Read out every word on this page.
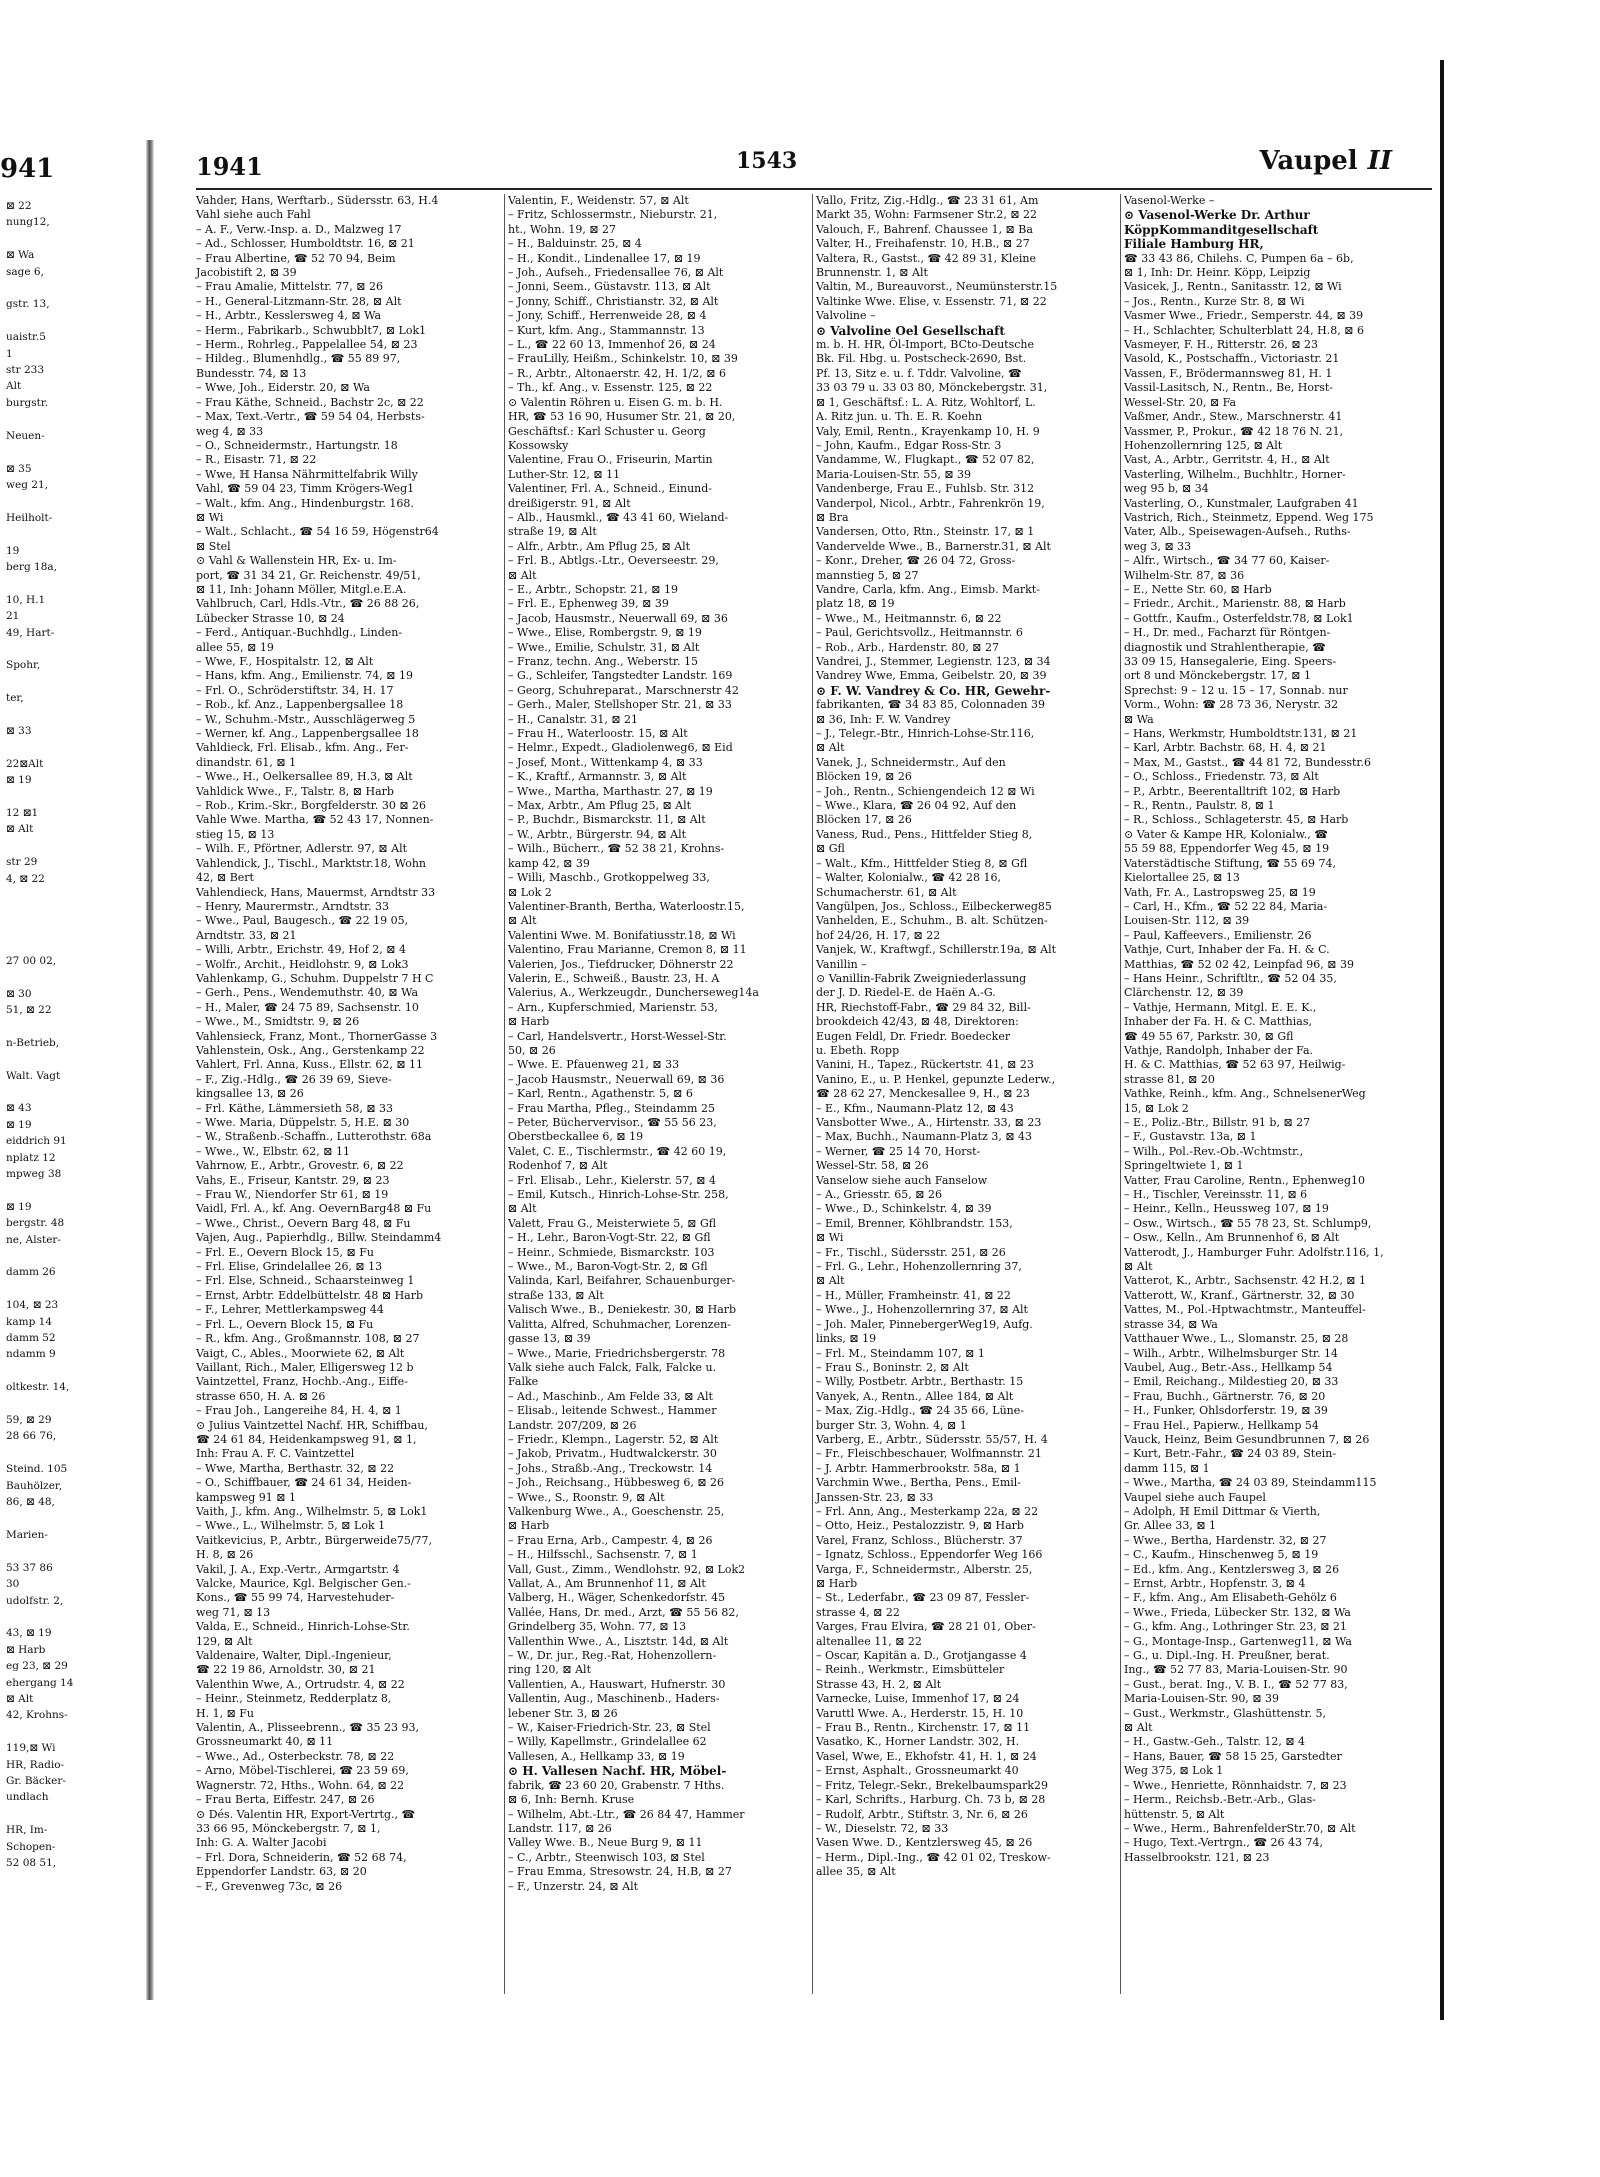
941
⊠ 22
nung12,

⊠ Wa
sage 6,

gstr. 13,

uaistr.5
1
str 233
Alt
burgstr.

Neuen-

⊠ 35
weg 21,

Heilholt-

19
berg 18a,

10, H.1
21
49, Hart-

Spohr,

ter,

⊠ 33

22⊠Alt
⊠ 19

12 ⊠1
⊠ Alt

str 29
4, ⊠ 22

27 00 02,

⊠ 30
51, ⊠ 22

n-Betrieb,

Walt. Vagt

⊠ 43
⊠ 19
eiddrich 91
nplatz 12
mpweg 38

⊠ 19
bergstr. 48
ne, Alster-

damm 26

104, ⊠ 23
kamp 14
damm 52
ndamm 9

oltkestr. 14,

59, ⊠ 29
28 66 76,

Steind. 105
Bauhölzer,
86, ⊠ 48,

Marien-

53 37 86
30
udolfstr. 2,

43, ⊠ 19
⊠ Harb
eg 23, ⊠ 29
ehergang 14
⊠ Alt
42, Krohns-

119,⊠ Wi
HR, Radio-
Gr. Bäcker-
undlach

HR, Im-
Schopen-
52 08 51,
1941	1543	Vaupel II
Vahder, Hans, Werftarb., Südersstr. 63, H.4
Vahl siehe auch Fahl
– A. F., Verw.-Insp. a. D., Malzweg 17
– Ad., Schlosser, Humboldtstr. 16, ⊠ 21
– Frau Albertine, ☎ 52 70 94, Beim
Jacobistift 2, ⊠ 39
– Frau Amalie, Mittelstr. 77, ⊠ 26
– H., General-Litzmann-Str. 28, ⊠ Alt
– H., Arbtr., Kesslersweg 4, ⊠ Wa
– Herm., Fabrikarb., Schwubblt7, ⊠ Lok1
– Herm., Rohrleg., Pappelallee 54, ⊠ 23
– Hildeg., Blumenhdlg., ☎ 55 89 97,
Bundesstr. 74, ⊠ 13
– Wwe, Joh., Eiderstr. 20, ⊠ Wa
– Frau Käthe, Schneid., Bachstr 2c, ⊠ 22
– Max, Text.-Vertr., ☎ 59 54 04, Herbsts-
weg 4, ⊠ 33
– O., Schneidermstr., Hartungstr. 18
– R., Eisastr. 71, ⊠ 22
– Wwe, ℍ Hansa Nährmittelfabrik Willy
Vahl, ☎ 59 04 23, Timm Krögers-Weg1
– Walt., kfm. Ang., Hindenburgstr. 168.
⊠ Wi
– Walt., Schlacht., ☎ 54 16 59, Högenstr64
⊠ Stel
⊙ Vahl & Wallenstein HR, Ex- u. Im-
port, ☎ 31 34 21, Gr. Reichenstr. 49/51,
⊠ 11, Inh: Johann Möller, Mitgl.e.E.A.
Vahlbruch, Carl, Hdls.-Vtr., ☎ 26 88 26,
Lübecker Strasse 10, ⊠ 24
– Ferd., Antiquar.-Buchhdlg., Linden-
allee 55, ⊠ 19
– Wwe, F., Hospitalstr. 12, ⊠ Alt
– Hans, kfm. Ang., Emilienstr. 74, ⊠ 19
– Frl. O., Schröderstiftstr. 34, H. 17
– Rob., kf. Anz., Lappenbergsallee 18
– W., Schuhm.-Mstr., Ausschlägerweg 5
– Werner, kf. Ang., Lappenbergsallee 18
Vahldieck, Frl. Elisab., kfm. Ang., Fer-
dinandstr. 61, ⊠ 1
– Wwe., H., Oelkersallee 89, H.3, ⊠ Alt
Vahldick Wwe., F., Talstr. 8, ⊠ Harb
– Rob., Krim.-Skr., Borgfelderstr. 30 ⊠ 26
Vahle Wwe. Martha, ☎ 52 43 17, Nonnen-
stieg 15, ⊠ 13
– Wilh. F., Pförtner, Adlerstr. 97, ⊠ Alt
Vahlendick, J., Tischl., Marktstr.18, Wohn
42, ⊠ Bert
Vahlendieck, Hans, Mauermst, Arndtstr 33
– Henry, Maurermstr., Arndtstr. 33
– Wwe., Paul, Baugesch., ☎ 22 19 05,
Arndtstr. 33, ⊠ 21
– Willi, Arbtr., Erichstr. 49, Hof 2, ⊠ 4
– Wolfr., Archit., Heidlohstr. 9, ⊠ Lok3
Vahlenkamp, G., Schuhm. Duppelstr 7 H C
– Gerh., Pens., Wendemuthstr. 40, ⊠ Wa
– H., Maler, ☎ 24 75 89, Sachsenstr. 10
– Wwe., M., Smidtstr. 9, ⊠ 26
Vahlensieck, Franz, Mont., ThornerGasse 3
Vahlenstein, Osk., Ang., Gerstenkamp 22
Vahlert, Frl. Anna, Kuss., Ellstr. 62, ⊠ 11
– F., Zig.-Hdlg., ☎ 26 39 69, Sieve-
kingsallee 13, ⊠ 26
– Frl. Käthe, Lämmersieth 58, ⊠ 33
– Wwe. Maria, Düppelstr. 5, H.E. ⊠ 30
– W., Straßenb.-Schaffn., Lutterothstr. 68a
– Wwe., W., Elbstr. 62, ⊠ 11
Vahrnow, E., Arbtr., Grovestr. 6, ⊠ 22
Vahs, E., Friseur, Kantstr. 29, ⊠ 23
– Frau W., Niendorfer Str 61, ⊠ 19
Vaidl, Frl. A., kf. Ang. OevernBarg48 ⊠ Fu
– Wwe., Christ., Oevern Barg 48, ⊠ Fu
Vajen, Aug., Papierhdlg., Billw. Steindamm4
– Frl. E., Oevern Block 15, ⊠ Fu
– Frl. Elise, Grindelallee 26, ⊠ 13
– Frl. Else, Schneid., Schaarsteinweg 1
– Ernst, Arbtr. Eddelbüttelstr. 48 ⊠ Harb
– F., Lehrer, Mettlerkampsweg 44
– Frl. L., Oevern Block 15, ⊠ Fu
– R., kfm. Ang., Großmannstr. 108, ⊠ 27
Vaigt, C., Ables., Moorwiete 62, ⊠ Alt
Vaillant, Rich., Maler, Elligersweg 12 b
Vaintzettel, Franz, Hochb.-Ang., Eiffe-
strasse 650, H. A. ⊠ 26
– Frau Joh., Langereihe 84, H. 4, ⊠ 1
⊙ Julius Vaintzettel Nachf. HR, Schiffbau,
☎ 24 61 84, Heidenkampsweg 91, ⊠ 1,
Inh: Frau A. F. C. Vaintzettel
– Wwe, Martha, Berthastr. 32, ⊠ 22
– O., Schiffbauer, ☎ 24 61 34, Heiden-
kampsweg 91 ⊠ 1
Vaith, J., kfm. Ang., Wilhelmstr. 5, ⊠ Lok1
– Wwe., L., Wilhelmstr. 5, ⊠ Lok 1
Vaitkevicius, P., Arbtr., Bürgerweide75/77,
H. 8, ⊠ 26
Vakil, J. A., Exp.-Vertr., Armgartstr. 4
Valcke, Maurice, Kgl. Belgischer Gen.-
Kons., ☎ 55 99 74, Harvestehuder-
weg 71, ⊠ 13
Valda, E., Schneid., Hinrich-Lohse-Str.
129, ⊠ Alt
Valdenaire, Walter, Dipl.-Ingenieur,
☎ 22 19 86, Arnoldstr. 30, ⊠ 21
Valenthin Wwe, A., Ortrudstr. 4, ⊠ 22
– Heinr., Steinmetz, Redderplatz 8,
H. 1, ⊠ Fu
Valentin, A., Plisseebrenn., ☎ 35 23 93,
Grossneumarkt 40, ⊠ 11
– Wwe., Ad., Osterbeckstr. 78, ⊠ 22
– Arno, Möbel-Tischlerei, ☎ 23 59 69,
Wagnerstr. 72, Hths., Wohn. 64, ⊠ 22
– Frau Berta, Eiffestr. 247, ⊠ 26
⊙ Dés. Valentin HR, Export-Vertrtg., ☎
33 66 95, Mönckebergstr. 7, ⊠ 1,
Inh: G. A. Walter Jacobi
– Frl. Dora, Schneiderin, ☎ 52 68 74,
Eppendorfer Landstr. 63, ⊠ 20
– F., Grevenweg 73c, ⊠ 26
Valentin, F., Weidenstr. 57, ⊠ Alt
– Fritz, Schlossermstr., Nieburstr. 21,
ht., Wohn. 19, ⊠ 27
– H., Balduinstr. 25, ⊠ 4
– H., Kondit., Lindenallee 17, ⊠ 19
– Joh., Aufseh., Friedensallee 76, ⊠ Alt
– Jonni, Seem., Güstavstr. 113, ⊠ Alt
– Jonny, Schiff., Christianstr. 32, ⊠ Alt
– Jony, Schiff., Herrenweide 28, ⊠ 4
– Kurt, kfm. Ang., Stammannstr. 13
– L., ☎ 22 60 13, Immenhof 26, ⊠ 24
– FrauLilly, Heißm., Schinkelstr. 10, ⊠ 39
– R., Arbtr., Altonaerstr. 42, H. 1/2, ⊠ 6
– Th., kf. Ang., v. Essenstr. 125, ⊠ 22
⊙ Valentin Röhren u. Eisen G. m. b. H.
HR, ☎ 53 16 90, Husumer Str. 21, ⊠ 20,
Geschäftsf.: Karl Schuster u. Georg
Kossowsky
Valentine, Frau O., Friseurin, Martin
Luther-Str. 12, ⊠ 11
Valentiner, Frl. A., Schneid., Einund-
dreißigerstr. 91, ⊠ Alt
– Alb., Hausmkl., ☎ 43 41 60, Wieland-
straße 19, ⊠ Alt
– Alfr., Arbtr., Am Pflug 25, ⊠ Alt
– Frl. B., Abtlgs.-Ltr., Oeverseestr. 29,
⊠ Alt
– E., Arbtr., Schopstr. 21, ⊠ 19
– Frl. E., Ephenweg 39, ⊠ 39
– Jacob, Hausmstr., Neuerwall 69, ⊠ 36
– Wwe., Elise, Rombergstr. 9, ⊠ 19
– Wwe., Emilie, Schulstr. 31, ⊠ Alt
– Franz, techn. Ang., Weberstr. 15
– G., Schleifer, Tangstedter Landstr. 169
– Georg, Schuhreparat., Marschnerstr 42
– Gerh., Maler, Stellshoper Str. 21, ⊠ 33
– H., Canalstr. 31, ⊠ 21
– Frau H., Waterloostr. 15, ⊠ Alt
– Helmr., Expedt., Gladiolenweg6, ⊠ Eid
– Josef, Mont., Wittenkamp 4, ⊠ 33
– K., Kraftf., Armannstr. 3, ⊠ Alt
– Wwe., Martha, Marthastr. 27, ⊠ 19
– Max, Arbtr., Am Pflug 25, ⊠ Alt
– P., Buchdr., Bismarckstr. 11, ⊠ Alt
– W., Arbtr., Bürgerstr. 94, ⊠ Alt
– Wilh., Bücherr., ☎ 52 38 21, Krohns-
kamp 42, ⊠ 39
– Willi, Maschb., Grotkoppelweg 33,
⊠ Lok 2
Valentiner-Branth, Bertha, Waterloostr.15,
⊠ Alt
Valentini Wwe. M. Bonifatiusstr.18, ⊠ Wi
Valentino, Frau Marianne, Cremon 8, ⊠ 11
Valerien, Jos., Tiefdrucker, Döhnerstr 22
Valerin, E., Schweiß., Baustr. 23, H. A
Valerius, A., Werkzeugdr., Duncherseweg14a
– Arn., Kupferschmied, Marienstr. 53,
⊠ Harb
– Carl, Handelsvertr., Horst-Wessel-Str.
50, ⊠ 26
– Wwe. E. Pfauenweg 21, ⊠ 33
– Jacob Hausmstr., Neuerwall 69, ⊠ 36
– Karl, Rentn., Agathenstr. 5, ⊠ 6
– Frau Martha, Pfleg., Steindamm 25
– Peter, Büchervervisor., ☎ 55 56 23,
Oberstbeckallee 6, ⊠ 19
Valet, C. E., Tischlermstr., ☎ 42 60 19,
Rodenhof 7, ⊠ Alt
– Frl. Elisab., Lehr., Kielerstr. 57, ⊠ 4
– Emil, Kutsch., Hinrich-Lohse-Str. 258,
⊠ Alt
Valett, Frau G., Meisterwiete 5, ⊠ Gfl
– H., Lehr., Baron-Vogt-Str. 22, ⊠ Gfl
– Heinr., Schmiede, Bismarckstr. 103
– Wwe., M., Baron-Vogt-Str. 2, ⊠ Gfl
Valinda, Karl, Beifahrer, Schauenburger-
straße 133, ⊠ Alt
Valisch Wwe., B., Deniekestr. 30, ⊠ Harb
Valitta, Alfred, Schuhmacher, Lorenzen-
gasse 13, ⊠ 39
– Wwe., Marie, Friedrichsbergerstr. 78
Valk siehe auch Falck, Falk, Falcke u.
Falke
– Ad., Maschinb., Am Felde 33, ⊠ Alt
– Elisab., leitende Schwest., Hammer
Landstr. 207/209, ⊠ 26
– Friedr., Klempn., Lagerstr. 52, ⊠ Alt
– Jakob, Privatm., Hudtwalckerstr. 30
– Johs., Straßb.-Ang., Treckowstr. 14
– Joh., Reichsang., Hübbesweg 6, ⊠ 26
– Wwe., S., Roonstr. 9, ⊠ Alt
Valkenburg Wwe., A., Goeschenstr. 25,
⊠ Harb
– Frau Erna, Arb., Campestr. 4, ⊠ 26
– H., Hilfsschl., Sachsenstr. 7, ⊠ 1
Vall, Gust., Zimm., Wendlohstr. 92, ⊠ Lok2
Vallat, A., Am Brunnenhof 11, ⊠ Alt
Valberg, H., Wäger, Schenkedorfstr. 45
Vallée, Hans, Dr. med., Arzt, ☎ 55 56 82,
Grindelberg 35, Wohn. 77, ⊠ 13
Vallenthin Wwe., A., Lisztstr. 14d, ⊠ Alt
– W., Dr. jur., Reg.-Rat, Hohenzollern-
ring 120, ⊠ Alt
Vallentien, A., Hauswart, Hufnerstr. 30
Vallentin, Aug., Maschinenb., Haders-
lebener Str. 3, ⊠ 26
– W., Kaiser-Friedrich-Str. 23, ⊠ Stel
– Willy, Kapellmstr., Grindelallee 62
Vallesen, A., Hellkamp 33, ⊠ 19
⊙ H. Vallesen Nachf. HR, Möbel-
fabrik, ☎ 23 60 20, Grabenstr. 7 Hths.
⊠ 6, Inh: Bernh. Kruse
– Wilhelm, Abt.-Ltr., ☎ 26 84 47, Hammer
Landstr. 117, ⊠ 26
Valley Wwe. B., Neue Burg 9, ⊠ 11
– C., Arbtr., Steenwisch 103, ⊠ Stel
– Frau Emma, Stresowstr. 24, H.B, ⊠ 27
– F., Unzerstr. 24, ⊠ Alt
Vallo, Fritz, Zig.-Hdlg., ☎ 23 31 61, Am
Markt 35, Wohn: Farmsener Str.2, ⊠ 22
Valouch, F., Bahrenf. Chaussee 1, ⊠ Ba
Valter, H., Freihafenstr. 10, H.B., ⊠ 27
Valtera, R., Gastst., ☎ 42 89 31, Kleine
Brunnenstr. 1, ⊠ Alt
Valtin, M., Bureauvorst., Neumünsterstr.15
Valtinke Wwe. Elise, v. Essenstr. 71, ⊠ 22
Valvoline –
⊙ Valvoline Oel Gesellschaft
m. b. H. HR, Öl-Import, BCto-Deutsche
Bk. Fil. Hbg. u. Postscheck-2690, Bst.
Pf. 13, Sitz e. u. f. Tddr. Valvoline, ☎
33 03 79 u. 33 03 80, Mönckebergstr. 31,
⊠ 1, Geschäftsf.: L. A. Ritz, Wohltorf, L.
A. Ritz jun. u. Th. E. R. Koehn
Valy, Emil, Rentn., Krayenkamp 10, H. 9
– John, Kaufm., Edgar Ross-Str. 3
Vandamme, W., Flugkapt., ☎ 52 07 82,
Maria-Louisen-Str. 55, ⊠ 39
Vandenberge, Frau E., Fuhlsb. Str. 312
Vanderpol, Nicol., Arbtr., Fahrenkrön 19,
⊠ Bra
Vandersen, Otto, Rtn., Steinstr. 17, ⊠ 1
Vandervelde Wwe., B., Barnerstr.31, ⊠ Alt
– Konr., Dreher, ☎ 26 04 72, Gross-
mannstieg 5, ⊠ 27
Vandre, Carla, kfm. Ang., Eimsb. Markt-
platz 18, ⊠ 19
– Wwe., M., Heitmannstr. 6, ⊠ 22
– Paul, Gerichtsvollz., Heitmannstr. 6
– Rob., Arb., Hardenstr. 80, ⊠ 27
Vandrei, J., Stemmer, Legienstr. 123, ⊠ 34
Vandrey Wwe, Emma, Geibelstr. 20, ⊠ 39
⊙ F. W. Vandrey & Co. HR, Gewehr-
fabrikanten, ☎ 34 83 85, Colonnaden 39
⊠ 36, Inh: F. W. Vandrey
– J., Telegr.-Btr., Hinrich-Lohse-Str.116,
⊠ Alt
Vanek, J., Schneidermstr., Auf den
Blöcken 19, ⊠ 26
– Joh., Rentn., Schiengendeich 12 ⊠ Wi
– Wwe., Klara, ☎ 26 04 92, Auf den
Blöcken 17, ⊠ 26
Vaness, Rud., Pens., Hittfelder Stieg 8,
⊠ Gfl
– Walt., Kfm., Hittfelder Stieg 8, ⊠ Gfl
– Walter, Kolonialw., ☎ 42 28 16,
Schumacherstr. 61, ⊠ Alt
Vangülpen, Jos., Schloss., Eilbeckerweg85
Vanhelden, E., Schuhm., B. alt. Schützen-
hof 24/26, H. 17, ⊠ 22
Vanjek, W., Kraftwgf., Schillerstr.19a, ⊠ Alt
Vanillin –
⊙ Vanillin-Fabrik Zweigniederlassung
der J. D. Riedel-E. de Haën A.-G.
HR, Riechstoff-Fabr., ☎ 29 84 32, Bill-
brookdeich 42/43, ⊠ 48, Direktoren:
Eugen Feldl, Dr. Friedr. Boedecker
u. Ebeth. Ropp
Vanini, H., Tapez., Rückertstr. 41, ⊠ 23
Vanino, E., u. P. Henkel, gepunzte Lederw.,
☎ 28 62 27, Menckesallee 9, H., ⊠ 23
– E., Kfm., Naumann-Platz 12, ⊠ 43
Vansbotter Wwe., A., Hirtenstr. 33, ⊠ 23
– Max, Buchh., Naumann-Platz 3, ⊠ 43
– Werner, ☎ 25 14 70, Horst-
Wessel-Str. 58, ⊠ 26
Vanselow siehe auch Fanselow
– A., Griesstr. 65, ⊠ 26
– Wwe., D., Schinkelstr. 4, ⊠ 39
– Emil, Brenner, Köhlbrandstr. 153,
⊠ Wi
– Fr., Tischl., Südersstr. 251, ⊠ 26
– Frl. G., Lehr., Hohenzollernring 37,
⊠ Alt
– H., Müller, Framheinstr. 41, ⊠ 22
– Wwe., J., Hohenzollernring 37, ⊠ Alt
– Joh. Maler, PinnebergerWeg19, Aufg.
links, ⊠ 19
– Frl. M., Steindamm 107, ⊠ 1
– Frau S., Boninstr. 2, ⊠ Alt
– Willy, Postbetr. Arbtr., Berthastr. 15
Vanyek, A., Rentn., Allee 184, ⊠ Alt
– Max, Zig.-Hdlg., ☎ 24 35 66, Lüne-
burger Str. 3, Wohn. 4, ⊠ 1
Varberg, E., Arbtr., Südersstr. 55/57, H. 4
– Fr., Fleischbeschauer, Wolfmannstr. 21
– J. Arbtr. Hammerbrookstr. 58a, ⊠ 1
Varchmin Wwe., Bertha, Pens., Emil-
Janssen-Str. 23, ⊠ 33
– Frl. Ann, Ang., Mesterkamp 22a, ⊠ 22
– Otto, Heiz., Pestalozzistr. 9, ⊠ Harb
Varel, Franz, Schloss., Blücherstr. 37
– Ignatz, Schloss., Eppendorfer Weg 166
Varga, F., Schneidermstr., Alberstr. 25,
⊠ Harb
– St., Lederfabr., ☎ 23 09 87, Fessler-
strasse 4, ⊠ 22
Varges, Frau Elvira, ☎ 28 21 01, Ober-
altenallee 11, ⊠ 22
– Oscar, Kapitän a. D., Grotjangasse 4
– Reinh., Werkmstr., Eimsbütteler
Strasse 43, H. 2, ⊠ Alt
Varnecke, Luise, Immenhof 17, ⊠ 24
Varuttl Wwe. A., Herderstr. 15, H. 10
– Frau B., Rentn., Kirchenstr. 17, ⊠ 11
Vasatko, K., Horner Landstr. 302, H.
Vasel, Wwe, E., Ekhofstr. 41, H. 1, ⊠ 24
– Ernst, Asphalt., Grossneumarkt 40
– Fritz, Telegr.-Sekr., Brekelbaumspark29
– Karl, Schrifts., Harburg. Ch. 73 b, ⊠ 28
– Rudolf, Arbtr., Stiftstr. 3, Nr. 6, ⊠ 26
– W., Dieselstr. 72, ⊠ 33
Vasen Wwe. D., Kentzlersweg 45, ⊠ 26
– Herm., Dipl.-Ing., ☎ 42 01 02, Treskow-
allee 35, ⊠ Alt
Vasenol-Werke –
⊙ Vasenol-Werke Dr. Arthur
KöppKommanditgesellschaft
Filiale Hamburg HR,
☎ 33 43 86, Chilehs. C, Pumpen 6a – 6b,
⊠ 1, Inh: Dr. Heinr. Köpp, Leipzig
Vasicek, J., Rentn., Sanitasstr. 12, ⊠ Wi
– Jos., Rentn., Kurze Str. 8, ⊠ Wi
Vasmer Wwe., Friedr., Semperstr. 44, ⊠ 39
– H., Schlachter, Schulterblatt 24, H.8, ⊠ 6
Vasmeyer, F. H., Ritterstr. 26, ⊠ 23
Vasold, K., Postschaffn., Victoriastr. 21
Vassen, F., Brödermannsweg 81, H. 1
Vassil-Lasitsch, N., Rentn., Be, Horst-
Wessel-Str. 20, ⊠ Fa
Vaßmer, Andr., Stew., Marschnerstr. 41
Vassmer, P., Prokur., ☎ 42 18 76 N. 21,
Hohenzollernring 125, ⊠ Alt
Vast, A., Arbtr., Gerritstr. 4, H., ⊠ Alt
Vasterling, Wilhelm., Buchhltr., Horner-
weg 95 b, ⊠ 34
Vasterling, O., Kunstmaler, Laufgraben 41
Vastrich, Rich., Steinmetz, Eppend. Weg 175
Vater, Alb., Speisewagen-Aufseh., Ruths-
weg 3, ⊠ 33
– Alfr., Wirtsch., ☎ 34 77 60, Kaiser-
Wilhelm-Str. 87, ⊠ 36
– E., Nette Str. 60, ⊠ Harb
– Friedr., Archit., Marienstr. 88, ⊠ Harb
– Gottfr., Kaufm., Osterfeldstr.78, ⊠ Lok1
– H., Dr. med., Facharzt für Röntgen-
diagnostik und Strahlentherapie, ☎
33 09 15, Hansegalerie, Eing. Speers-
ort 8 und Mönckebergstr. 17, ⊠ 1
Sprechst: 9 – 12 u. 15 – 17, Sonnab. nur
Vorm., Wohn: ☎ 28 73 36, Nerystr. 32
⊠ Wa
– Hans, Werkmstr, Humboldtstr.131, ⊠ 21
– Karl, Arbtr. Bachstr. 68, H. 4, ⊠ 21
– Max, M., Gastst., ☎ 44 81 72, Bundesstr.6
– O., Schloss., Friedenstr. 73, ⊠ Alt
– P., Arbtr., Beerentalltrift 102, ⊠ Harb
– R., Rentn., Paulstr. 8, ⊠ 1
– R., Schloss., Schlageterstr. 45, ⊠ Harb
⊙ Vater & Kampe HR, Kolonialw., ☎
55 59 88, Eppendorfer Weg 45, ⊠ 19
Vaterstädtische Stiftung, ☎ 55 69 74,
Kielortallee 25, ⊠ 13
Vath, Fr. A., Lastropsweg 25, ⊠ 19
– Carl, H., Kfm., ☎ 52 22 84, Maria-
Louisen-Str. 112, ⊠ 39
– Paul, Kaffeevers., Emilienstr. 26
Vathje, Curt, Inhaber der Fa. H. & C.
Matthias, ☎ 52 02 42, Leinpfad 96, ⊠ 39
– Hans Heinr., Schriftltr., ☎ 52 04 35,
Clärchenstr. 12, ⊠ 39
– Vathje, Hermann, Mitgl. E. E. K.,
Inhaber der Fa. H. & C. Matthias,
☎ 49 55 67, Parkstr. 30, ⊠ Gfl
Vathje, Randolph, Inhaber der Fa.
H. & C. Matthias, ☎ 52 63 97, Heilwig-
strasse 81, ⊠ 20
Vathke, Reinh., kfm. Ang., SchnelsenerWeg
15, ⊠ Lok 2
– E., Poliz.-Btr., Billstr. 91 b, ⊠ 27
– F., Gustavstr. 13a, ⊠ 1
– Wilh., Pol.-Rev.-Ob.-Wchtmstr.,
Springeltwiete 1, ⊠ 1
Vatter, Frau Caroline, Rentn., Ephenweg10
– H., Tischler, Vereinsstr. 11, ⊠ 6
– Heinr., Kelln., Heussweg 107, ⊠ 19
– Osw., Wirtsch., ☎ 55 78 23, St. Schlump9,
– Osw., Kelln., Am Brunnenhof 6, ⊠ Alt
Vatterodt, J., Hamburger Fuhr. Adolfstr.116, 1,
⊠ Alt
Vatterot, K., Arbtr., Sachsenstr. 42 H.2, ⊠ 1
Vatterott, W., Kranf., Gärtnerstr. 32, ⊠ 30
Vattes, M., Pol.-Hptwachtmstr., Manteuffel-
strasse 34, ⊠ Wa
Vatthauer Wwe., L., Slomanstr. 25, ⊠ 28
– Wilh., Arbtr., Wilhelmsburger Str. 14
Vaubel, Aug., Betr.-Ass., Hellkamp 54
– Emil, Reichang., Mildestieg 20, ⊠ 33
– Frau, Buchh., Gärtnerstr. 76, ⊠ 20
– H., Funker, Ohlsdorferstr. 19, ⊠ 39
– Frau Hel., Papierw., Hellkamp 54
Vauck, Heinz, Beim Gesundbrunnen 7, ⊠ 26
– Kurt, Betr.-Fahr., ☎ 24 03 89, Stein-
damm 115, ⊠ 1
– Wwe., Martha, ☎ 24 03 89, Steindamm115
Vaupel siehe auch Faupel
– Adolph, ℍ Emil Dittmar & Vierth,
Gr. Allee 33, ⊠ 1
– Wwe., Bertha, Hardenstr. 32, ⊠ 27
– C., Kaufm., Hinschenweg 5, ⊠ 19
– Ed., kfm. Ang., Kentzlersweg 3, ⊠ 26
– Ernst, Arbtr., Hopfenstr. 3, ⊠ 4
– F., kfm. Ang., Am Elisabeth-Gehölz 6
– Wwe., Frieda, Lübecker Str. 132, ⊠ Wa
– G., kfm. Ang., Lothringer Str. 23, ⊠ 21
– G., Montage-Insp., Gartenweg11, ⊠ Wa
– G., u. Dipl.-Ing. H. Preußner, berat.
Ing., ☎ 52 77 83, Maria-Louisen-Str. 90
– Gust., berat. Ing., V. B. I., ☎ 52 77 83,
Maria-Louisen-Str. 90, ⊠ 39
– Gust., Werkmstr., Glashüttenstr. 5,
⊠ Alt
– H., Gastw.-Geh., Talstr. 12, ⊠ 4
– Hans, Bauer, ☎ 58 15 25, Garstedter
Weg 375, ⊠ Lok 1
– Wwe., Henriette, Rönnhaidstr. 7, ⊠ 23
– Herm., Reichsb.-Betr.-Arb., Glas-
hüttenstr. 5, ⊠ Alt
– Wwe., Herm., BahrenfelderStr.70, ⊠ Alt
– Hugo, Text.-Vertrgn., ☎ 26 43 74,
Hasselbrookstr. 121, ⊠ 23
